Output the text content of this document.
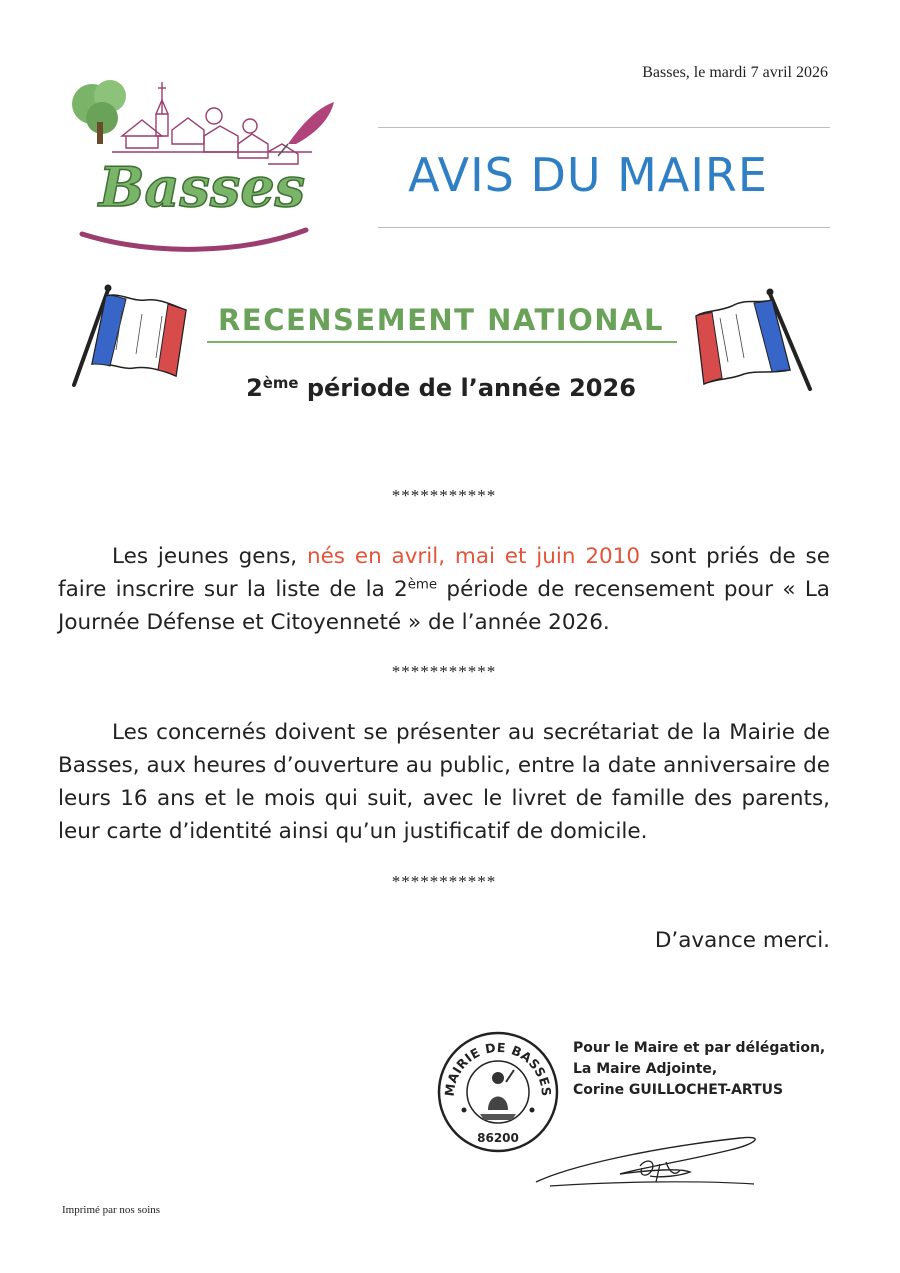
Basses, le mardi 7 avril 2026
Basses	AVIS DU MAIRE
RECENSEMENT NATIONAL
2ème période de l’année 2026
***********
Les jeunes gens, nés en avril, mai et juin 2010 sont priés de se faire inscrire sur la liste de la 2ème période de recensement pour « La Journée Défense et Citoyenneté » de l’année 2026.
***********
Les concernés doivent se présenter au secrétariat de la Mairie de Basses, aux heures d’ouverture au public, entre la date anniversaire de leurs 16 ans et le mois qui suit, avec le livret de famille des parents, leur carte d’identité ainsi qu’un justificatif de domicile.
***********
D’avance merci.
MAIRIE DE BASSES
86200
Pour le Maire et par délégation,
La Maire Adjointe,
Corine GUILLOCHET-ARTUS
Imprimé par nos soins
